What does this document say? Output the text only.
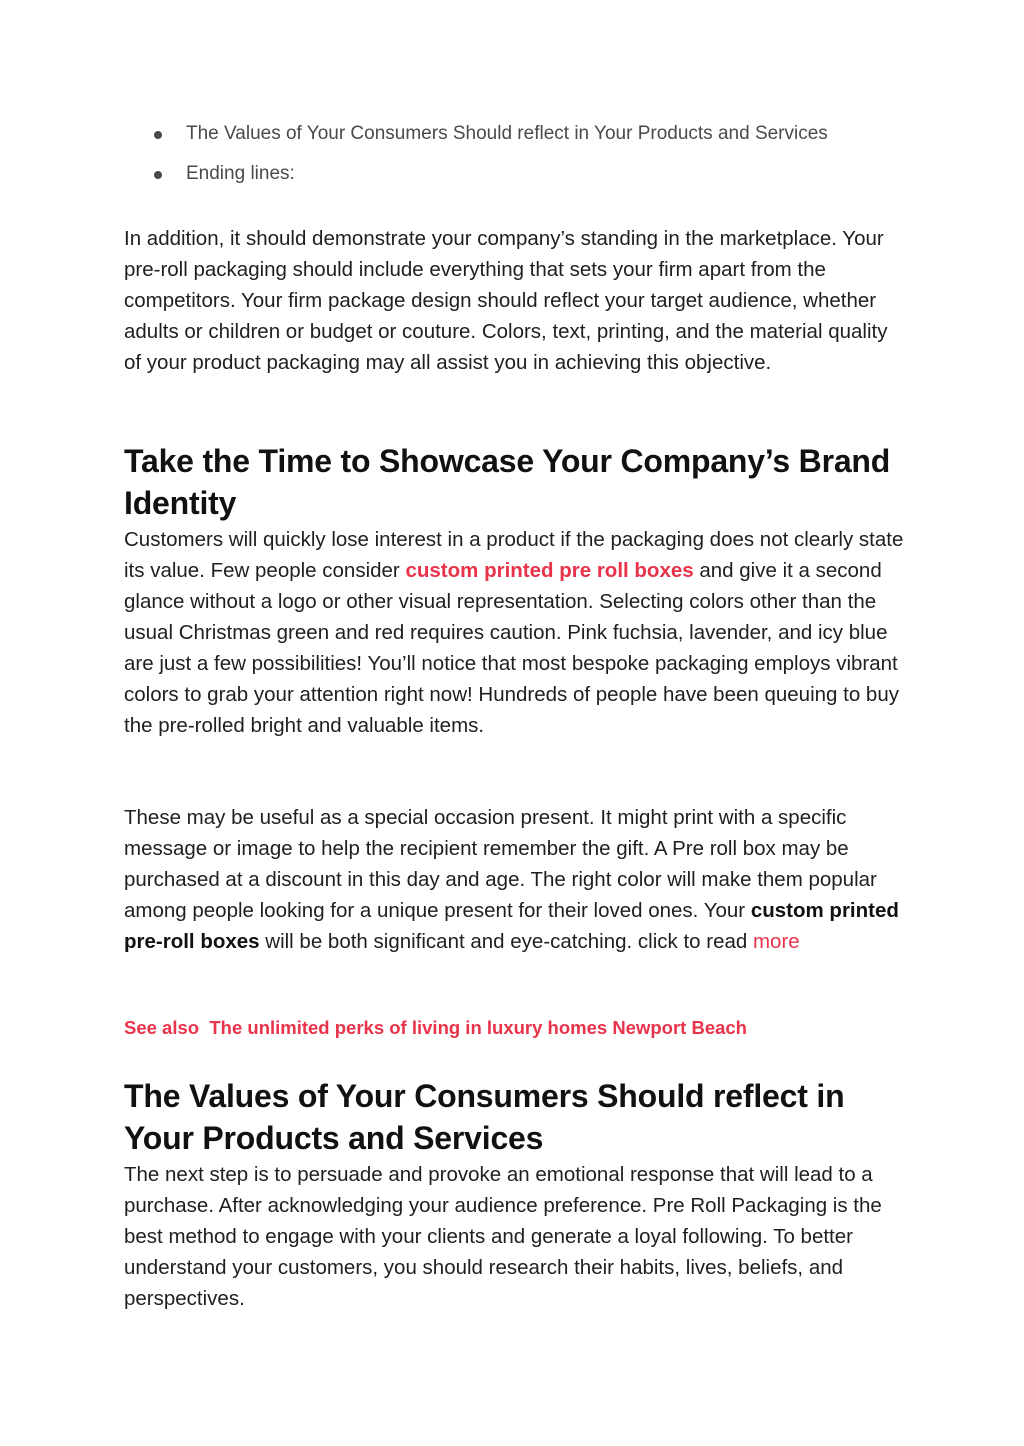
The Values of Your Consumers Should reflect in Your Products and Services
Ending lines:

In addition, it should demonstrate your company’s standing in the marketplace. Your pre-roll packaging should include everything that sets your firm apart from the competitors. Your firm package design should reflect your target audience, whether adults or children or budget or couture. Colors, text, printing, and the material quality of your product packaging may all assist you in achieving this objective.

Take the Time to Showcase Your Company’s Brand Identity

Customers will quickly lose interest in a product if the packaging does not clearly state its value. Few people consider custom printed pre roll boxes and give it a second glance without a logo or other visual representation. Selecting colors other than the usual Christmas green and red requires caution. Pink fuchsia, lavender, and icy blue are just a few possibilities! You’ll notice that most bespoke packaging employs vibrant colors to grab your attention right now! Hundreds of people have been queuing to buy the pre-rolled bright and valuable items.

These may be useful as a special occasion present. It might print with a specific message or image to help the recipient remember the gift. A Pre roll box may be purchased at a discount in this day and age. The right color will make them popular among people looking for a unique present for their loved ones. Your custom printed pre-roll boxes will be both significant and eye-catching. click to read more

See also The unlimited perks of living in luxury homes Newport Beach
The Values of Your Consumers Should reflect in Your Products and Services

The next step is to persuade and provoke an emotional response that will lead to a purchase. After acknowledging your audience preference. Pre Roll Packaging is the best method to engage with your clients and generate a loyal following. To better understand your customers, you should research their habits, lives, beliefs, and perspectives.
